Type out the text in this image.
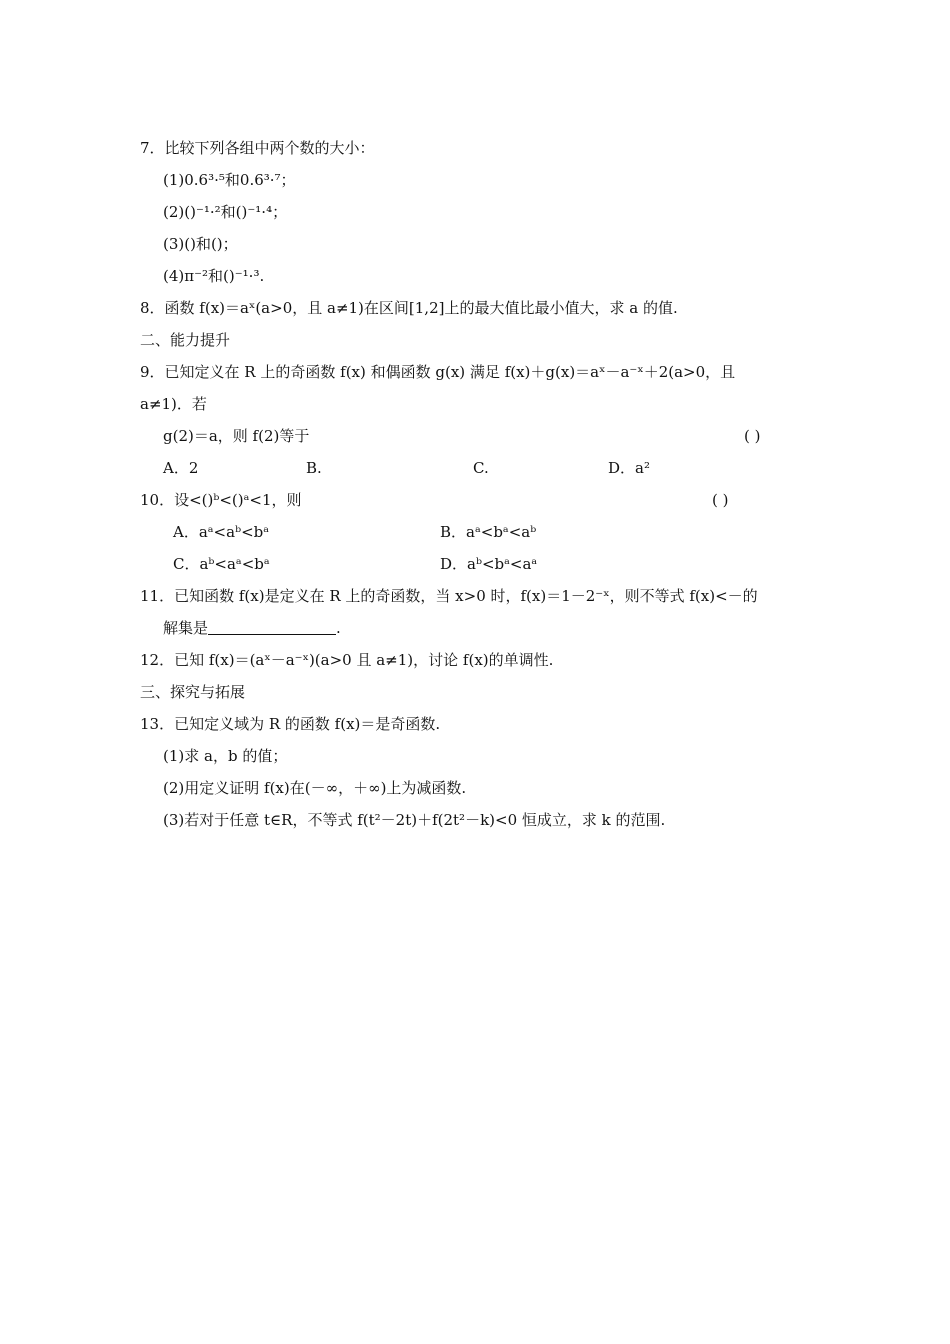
7．比较下列各组中两个数的大小：
(1)0.6³·⁵和0.6³·⁷；
(2)()⁻¹·²和()⁻¹·⁴；
(3)()和()；
(4)π⁻²和()⁻¹·³.
8．函数 f(x)＝aˣ(a>0，且 a≠1)在区间[1,2]上的最大值比最小值大，求 a 的值.
二、能力提升
9．已知定义在 R 上的奇函数 f(x) 和偶函数 g(x) 满足 f(x)＋g(x)＝aˣ－a⁻ˣ＋2(a>0，且
a≠1)．若
g(2)＝a，则 f(2)等于	( )
A．2	B.	C.	D．a²
10．设<()ᵇ<()ᵃ<1，则	( )
A．aᵃ<aᵇ<bᵃ	B．aᵃ<bᵃ<aᵇ
C．aᵇ<aᵃ<bᵃ	D．aᵇ<bᵃ<aᵃ
11．已知函数 f(x)是定义在 R 上的奇函数，当 x>0 时，f(x)＝1－2⁻ˣ，则不等式 f(x)<－的
解集是	.
12．已知 f(x)＝(aˣ－a⁻ˣ)(a>0 且 a≠1)，讨论 f(x)的单调性.
三、探究与拓展
13．已知定义域为 R 的函数 f(x)＝是奇函数.
(1)求 a，b 的值；
(2)用定义证明 f(x)在(－∞，＋∞)上为减函数.
(3)若对于任意 t∈R，不等式 f(t²－2t)＋f(2t²－k)<0 恒成立，求 k 的范围.
